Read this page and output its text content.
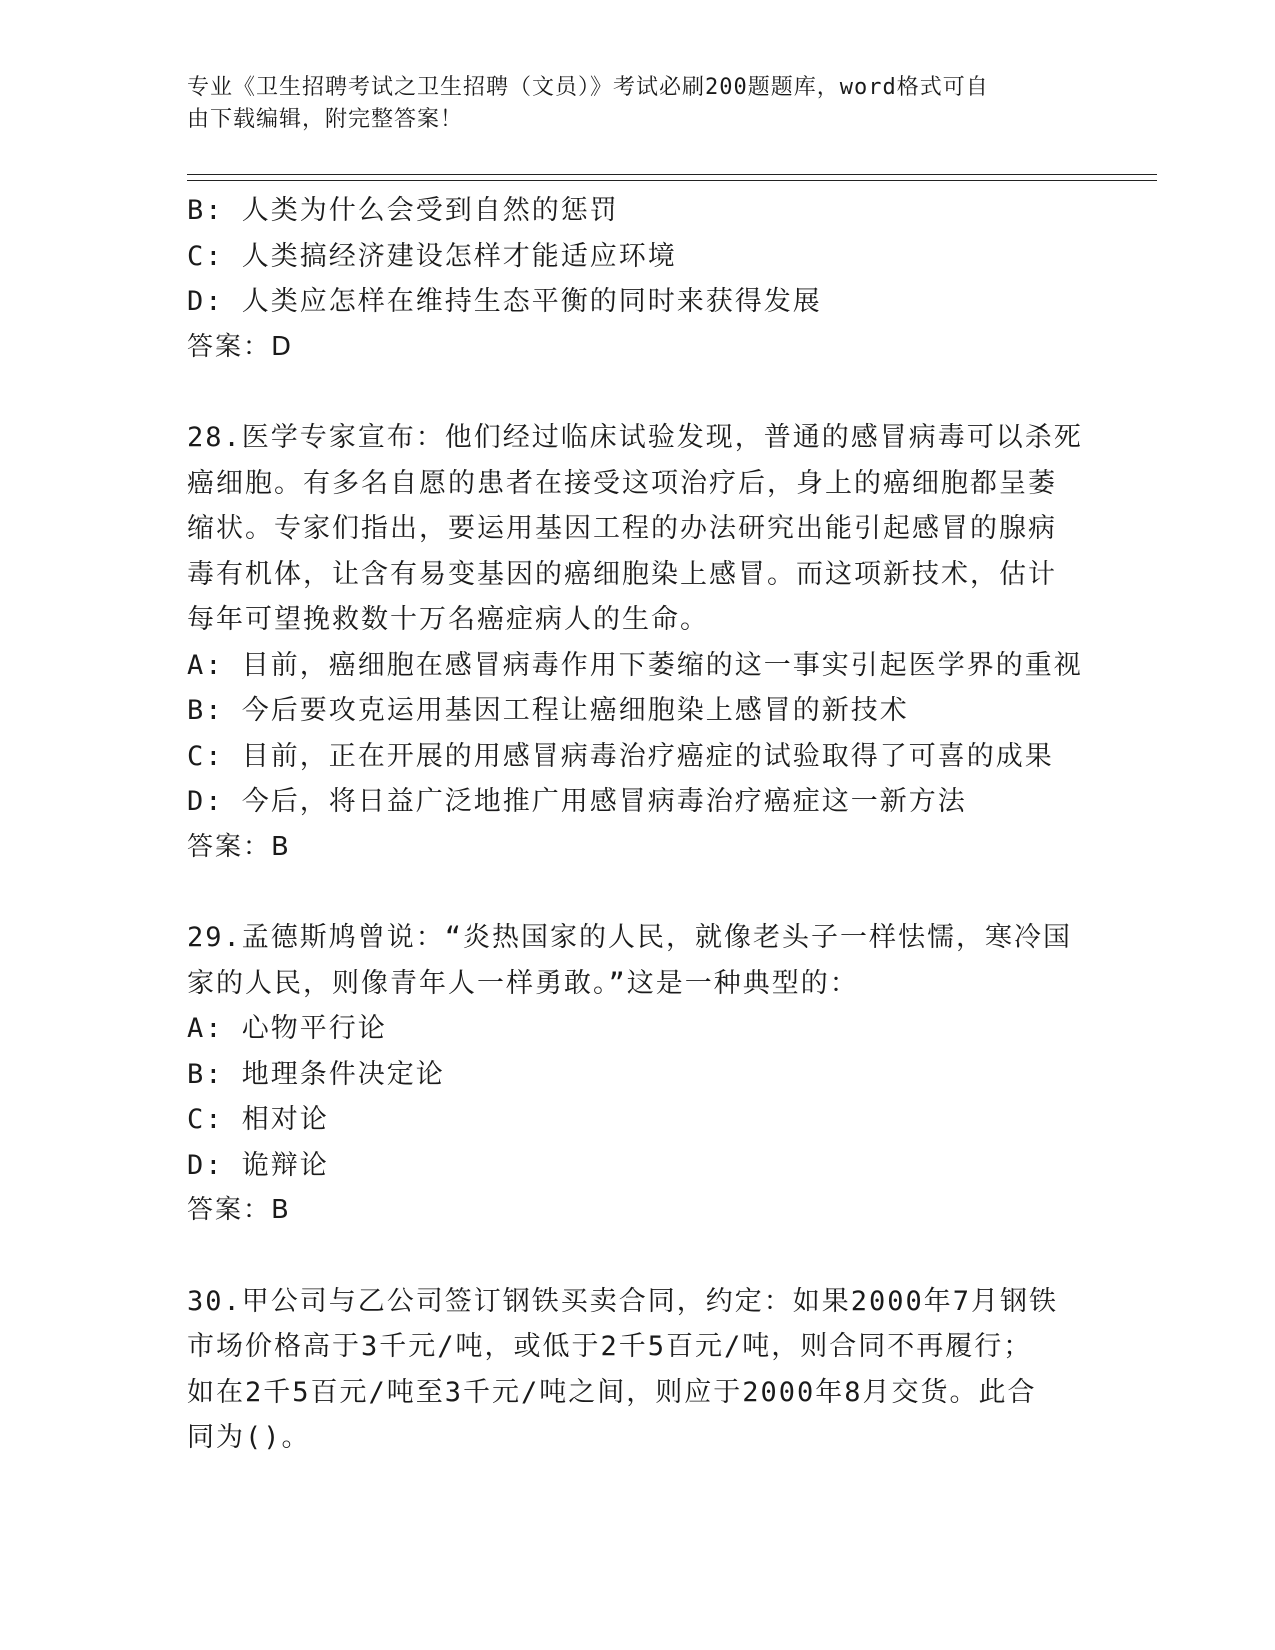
专业《卫生招聘考试之卫生招聘（文员）》考试必刷200题题库，word格式可自
由下载编辑，附完整答案！
B: 人类为什么会受到自然的惩罚
C: 人类搞经济建设怎样才能适应环境
D: 人类应怎样在维持生态平衡的同时来获得发展
答案：D
28.医学专家宣布：他们经过临床试验发现，普通的感冒病毒可以杀死
癌细胞。有多名自愿的患者在接受这项治疗后，身上的癌细胞都呈萎
缩状。专家们指出，要运用基因工程的办法研究出能引起感冒的腺病
毒有机体，让含有易变基因的癌细胞染上感冒。而这项新技术，估计
每年可望挽救数十万名癌症病人的生命。
A: 目前，癌细胞在感冒病毒作用下萎缩的这一事实引起医学界的重视
B: 今后要攻克运用基因工程让癌细胞染上感冒的新技术
C: 目前，正在开展的用感冒病毒治疗癌症的试验取得了可喜的成果
D: 今后，将日益广泛地推广用感冒病毒治疗癌症这一新方法
答案：B
29.孟德斯鸠曾说：“炎热国家的人民，就像老头子一样怯懦，寒冷国
家的人民，则像青年人一样勇敢。”这是一种典型的：
A: 心物平行论
B: 地理条件决定论
C: 相对论
D: 诡辩论
答案：B
30.甲公司与乙公司签订钢铁买卖合同，约定：如果2000年7月钢铁
市场价格高于3千元/吨，或低于2千5百元/吨，则合同不再履行；
如在2千5百元/吨至3千元/吨之间，则应于2000年8月交货。此合
同为()。
